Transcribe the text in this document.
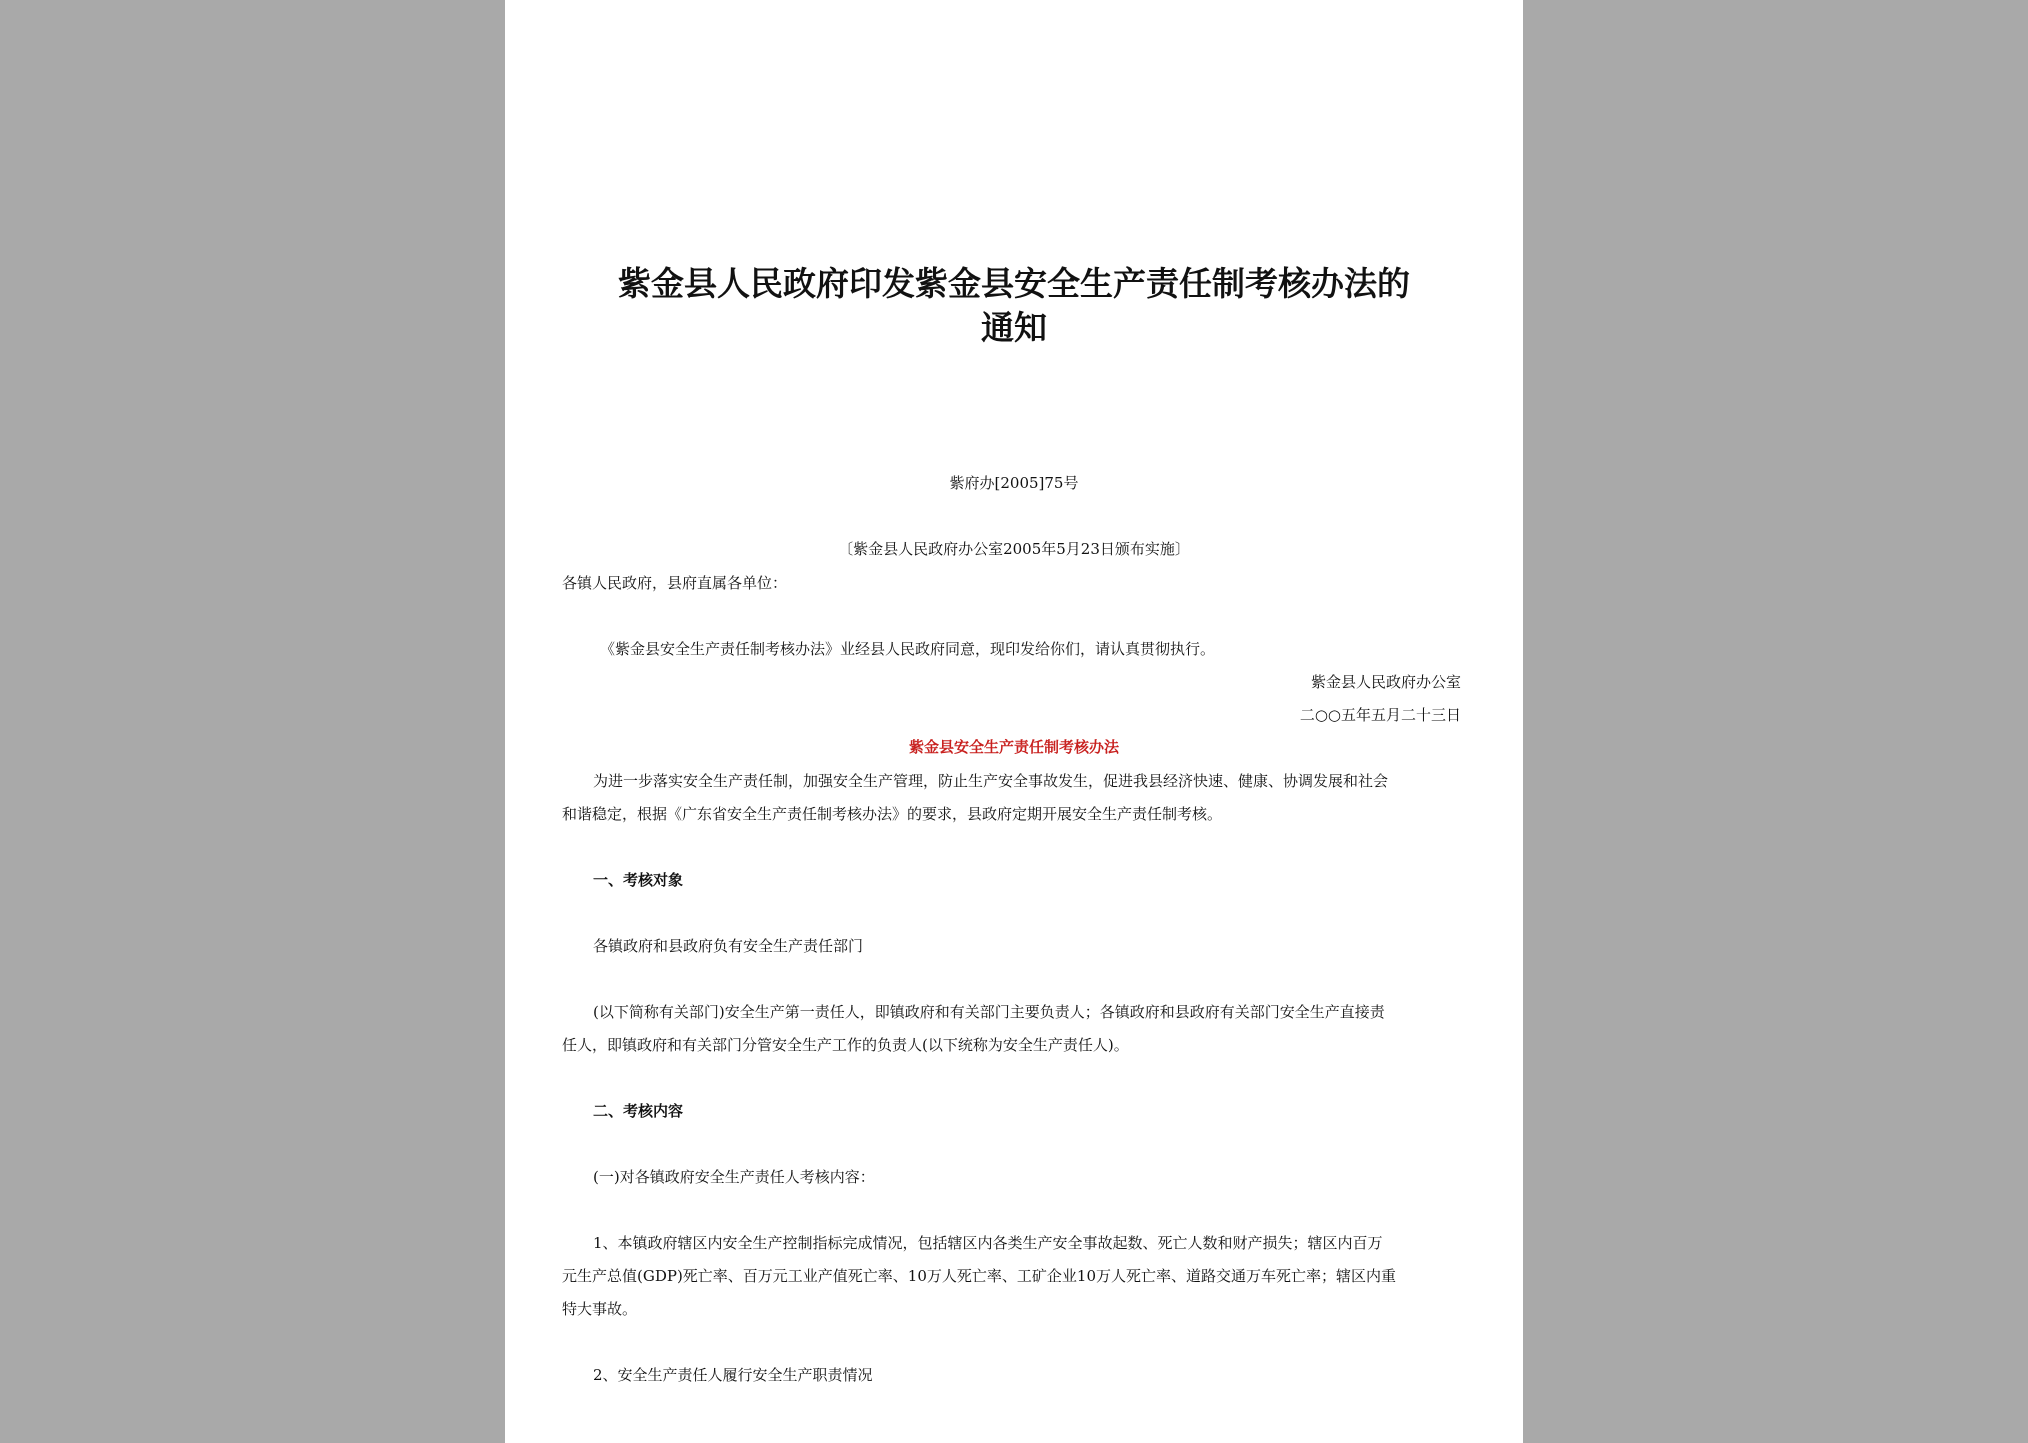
紫金县人民政府印发紫金县安全生产责任制考核办法的
通知
紫府办[2005]75号
〔紫金县人民政府办公室2005年5月23日颁布实施〕
各镇人民政府，县府直属各单位：
《紫金县安全生产责任制考核办法》业经县人民政府同意，现印发给你们，请认真贯彻执行。
紫金县人民政府办公室
二○○五年五月二十三日
紫金县安全生产责任制考核办法
为进一步落实安全生产责任制，加强安全生产管理，防止生产安全事故发生，促进我县经济快速、健康、协调发展和社会
和谐稳定，根据《广东省安全生产责任制考核办法》的要求，县政府定期开展安全生产责任制考核。
一、考核对象
各镇政府和县政府负有安全生产责任部门
(以下简称有关部门)安全生产第一责任人，即镇政府和有关部门主要负责人；各镇政府和县政府有关部门安全生产直接责
任人，即镇政府和有关部门分管安全生产工作的负责人(以下统称为安全生产责任人)。
二、考核内容
(一)对各镇政府安全生产责任人考核内容：
1、本镇政府辖区内安全生产控制指标完成情况，包括辖区内各类生产安全事故起数、死亡人数和财产损失；辖区内百万
元生产总值(GDP)死亡率、百万元工业产值死亡率、10万人死亡率、工矿企业10万人死亡率、道路交通万车死亡率；辖区内重
特大事故。
2、安全生产责任人履行安全生产职责情况
